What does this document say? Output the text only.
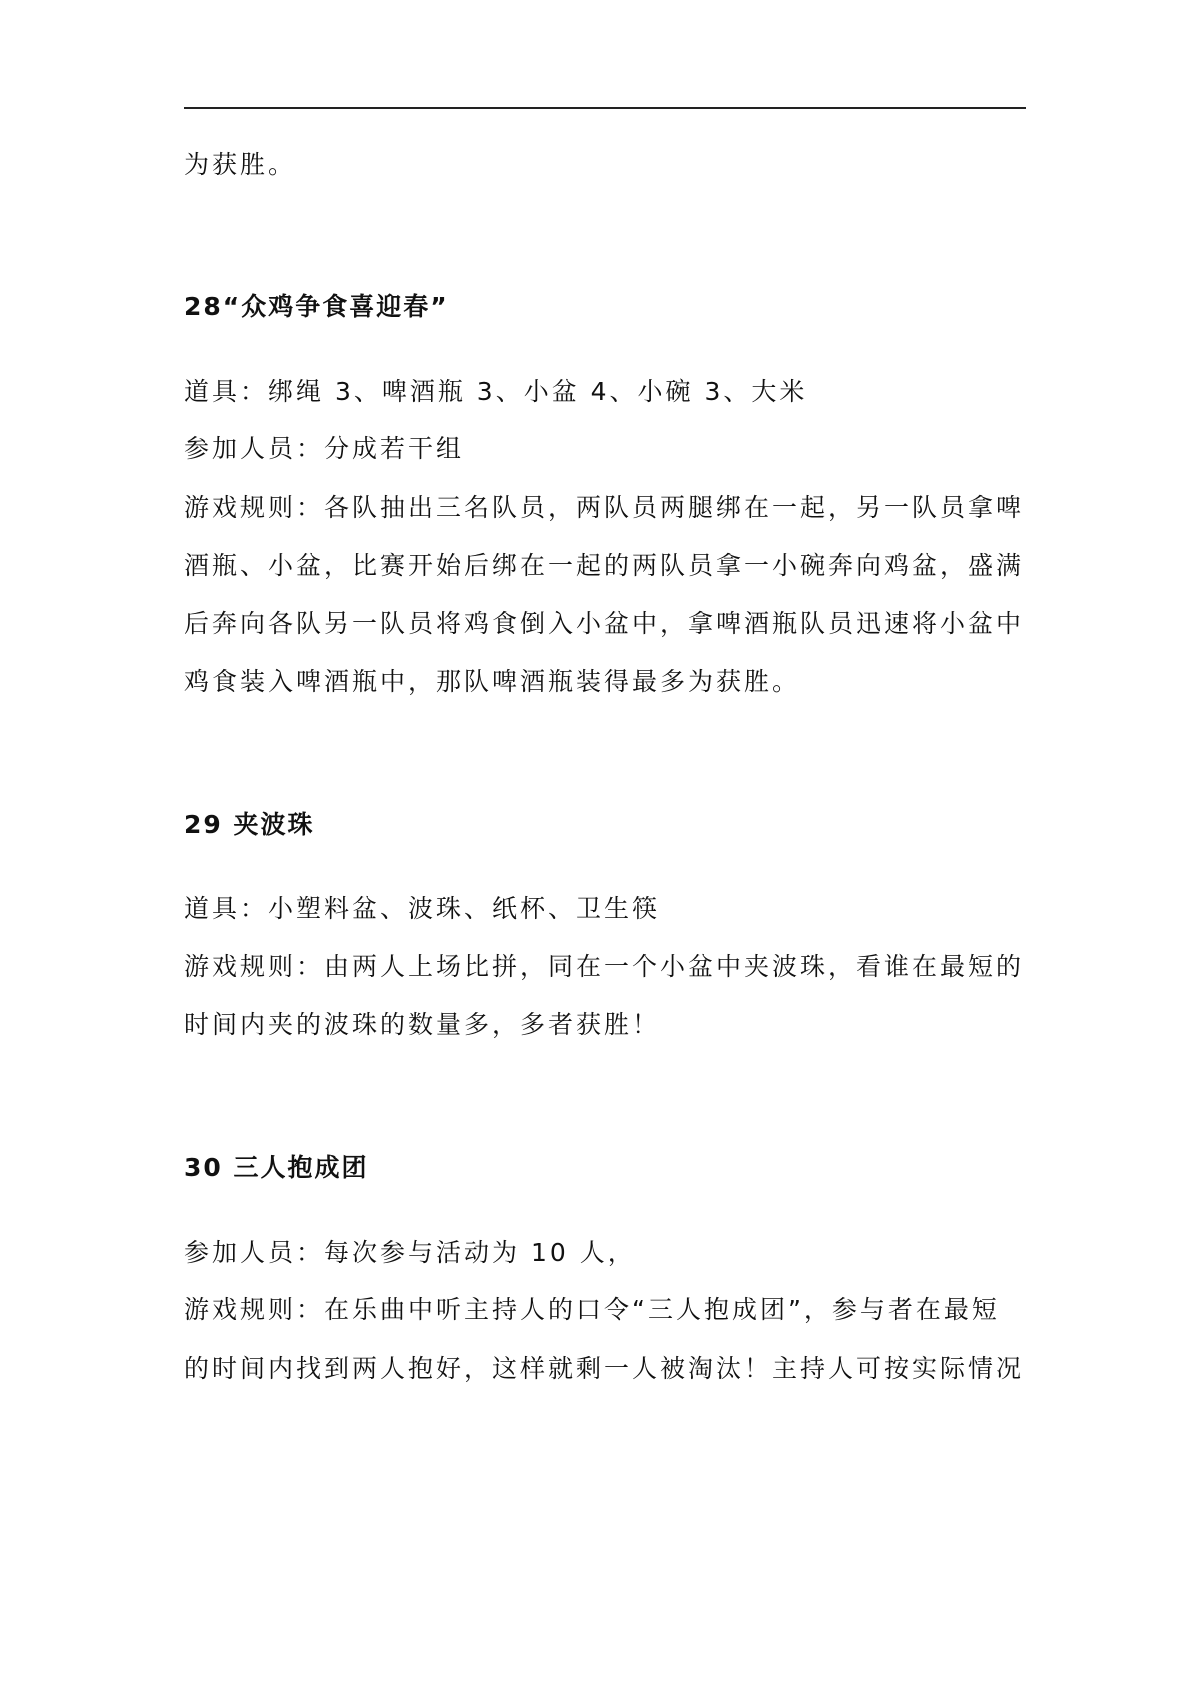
为获胜。
28“众鸡争食喜迎春”
道具：绑绳 3、啤酒瓶 3、小盆 4、小碗 3、大米
参加人员：分成若干组
游戏规则：各队抽出三名队员，两队员两腿绑在一起，另一队员拿啤
酒瓶、小盆，比赛开始后绑在一起的两队员拿一小碗奔向鸡盆，盛满
后奔向各队另一队员将鸡食倒入小盆中，拿啤酒瓶队员迅速将小盆中
鸡食装入啤酒瓶中，那队啤酒瓶装得最多为获胜。
29 夹波珠
道具：小塑料盆、波珠、纸杯、卫生筷
游戏规则：由两人上场比拼，同在一个小盆中夹波珠，看谁在最短的
时间内夹的波珠的数量多，多者获胜！
30 三人抱成团
参加人员：每次参与活动为 10 人，
游戏规则：在乐曲中听主持人的口令“三人抱成团”，参与者在最短
的时间内找到两人抱好，这样就剩一人被淘汰！主持人可按实际情况
